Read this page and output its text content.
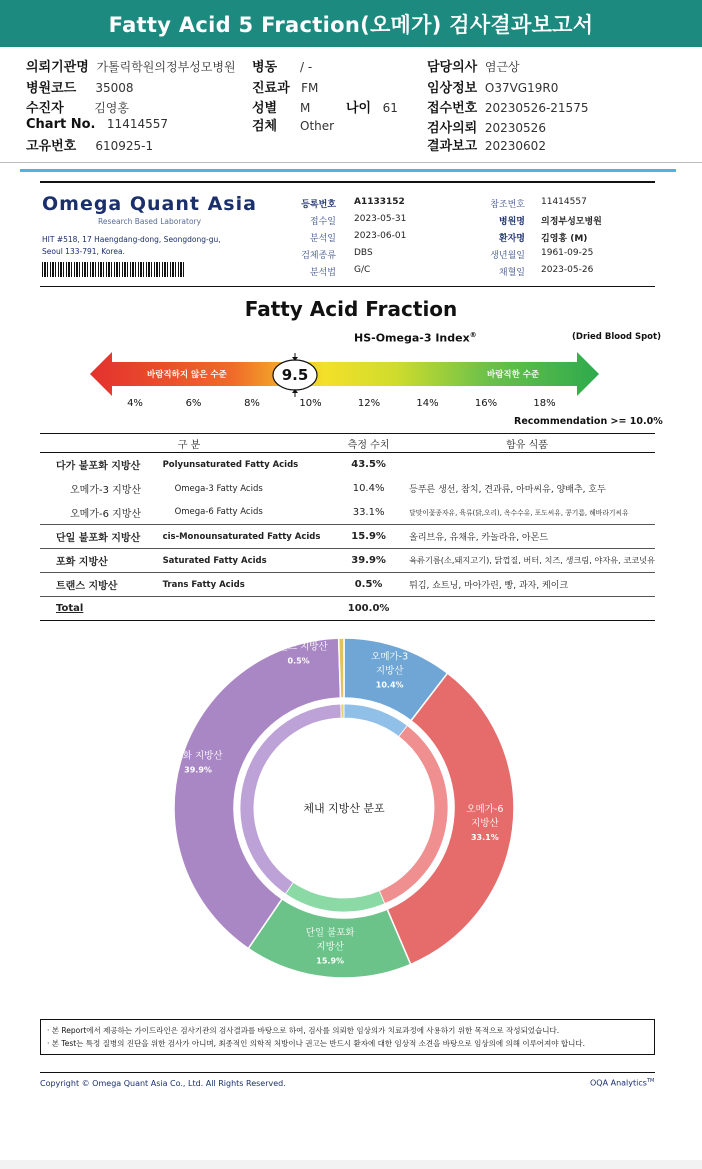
Fatty Acid 5 Fraction(오메가) 검사결과보고서
의뢰기관명 가톨릭학원의정부성모병원 병동 / -	담당의사 염근상
병원코드 35008	진료과 FM	임상정보 O37VG19R0
수진자	김영홍	성별 M	나이 61 접수번호 20230526-21575
Chart No. 11414557	검체 Other	검사의뢰 20230526
고유번호 610925-1	결과보고 20230602
Omega Quant Asia
Research Based Laboratory
HIT #518, 17 Haengdang-dong, Seongdong-gu,
Seoul 133-791, Korea.
등록번호 A1133152
접수일 2023-05-31
분석일 2023-06-01
검체종류 DBS
분석법 G/C
참조번호 11414557
병원명 의정부성모병원
환자명 김영홍 (M)
생년월일 1961-09-25
채혈일 2023-05-26
Fatty Acid Fraction
HS-Omega-3 Index®	(Dried Blood Spot)
바람직하지 않은 수준	바람직한 수준
9.5
4%	6%	8%	10%	12%	14%	16%	18%
Recommendation >= 10.0%
구 분		측정 수치	함유 식품
다가 불포화 지방산	Polyunsaturated Fatty Acids	43.5%	
오메가-3 지방산	Omega-3 Fatty Acids	10.4%	등푸른 생선, 참치, 견과류, 아마씨유, 양배추, 호두
오메가-6 지방산	Omega-6 Fatty Acids	33.1%	달맞이꽃종자유, 육류(닭,오리), 옥수수유, 포도씨유, 콩기름, 해바라기씨유
단일 불포화 지방산	cis-Monounsaturated Fatty Acids	15.9%	올리브유, 유채유, 카놀라유, 아몬드
포화 지방산	Saturated Fatty Acids	39.9%	육류기름(소,돼지고기), 닭껍질, 버터, 치즈, 생크림, 야자유, 코코넛유
트랜스 지방산	Trans Fatty Acids	0.5%	튀김, 쇼트닝, 마아가린, 빵, 과자, 케이크
Total		100.0%	
체내 지방산 분포
오메가-3
지방산
10.4%
오메가-6
지방산
33.1%
단일 불포화
지방산
15.9%
포화 지방산
39.9%
트랜스 지방산
0.5%
· 본 Report에서 제공하는 가이드라인은 검사기관의 검사결과를 바탕으로 하여, 검사를 의뢰한 임상의가 치료과정에 사용하기 위한 목적으로 작성되었습니다.
· 본 Test는 특정 질병의 진단을 위한 검사가 아니며, 최종적인 의학적 처방이나 권고는 반드시 환자에 대한 임상적 소견을 바탕으로 임상의에 의해 이루어져야 합니다.
Copyright © Omega Quant Asia Co., Ltd. All Rights Reserved.	OQA Analytics™
